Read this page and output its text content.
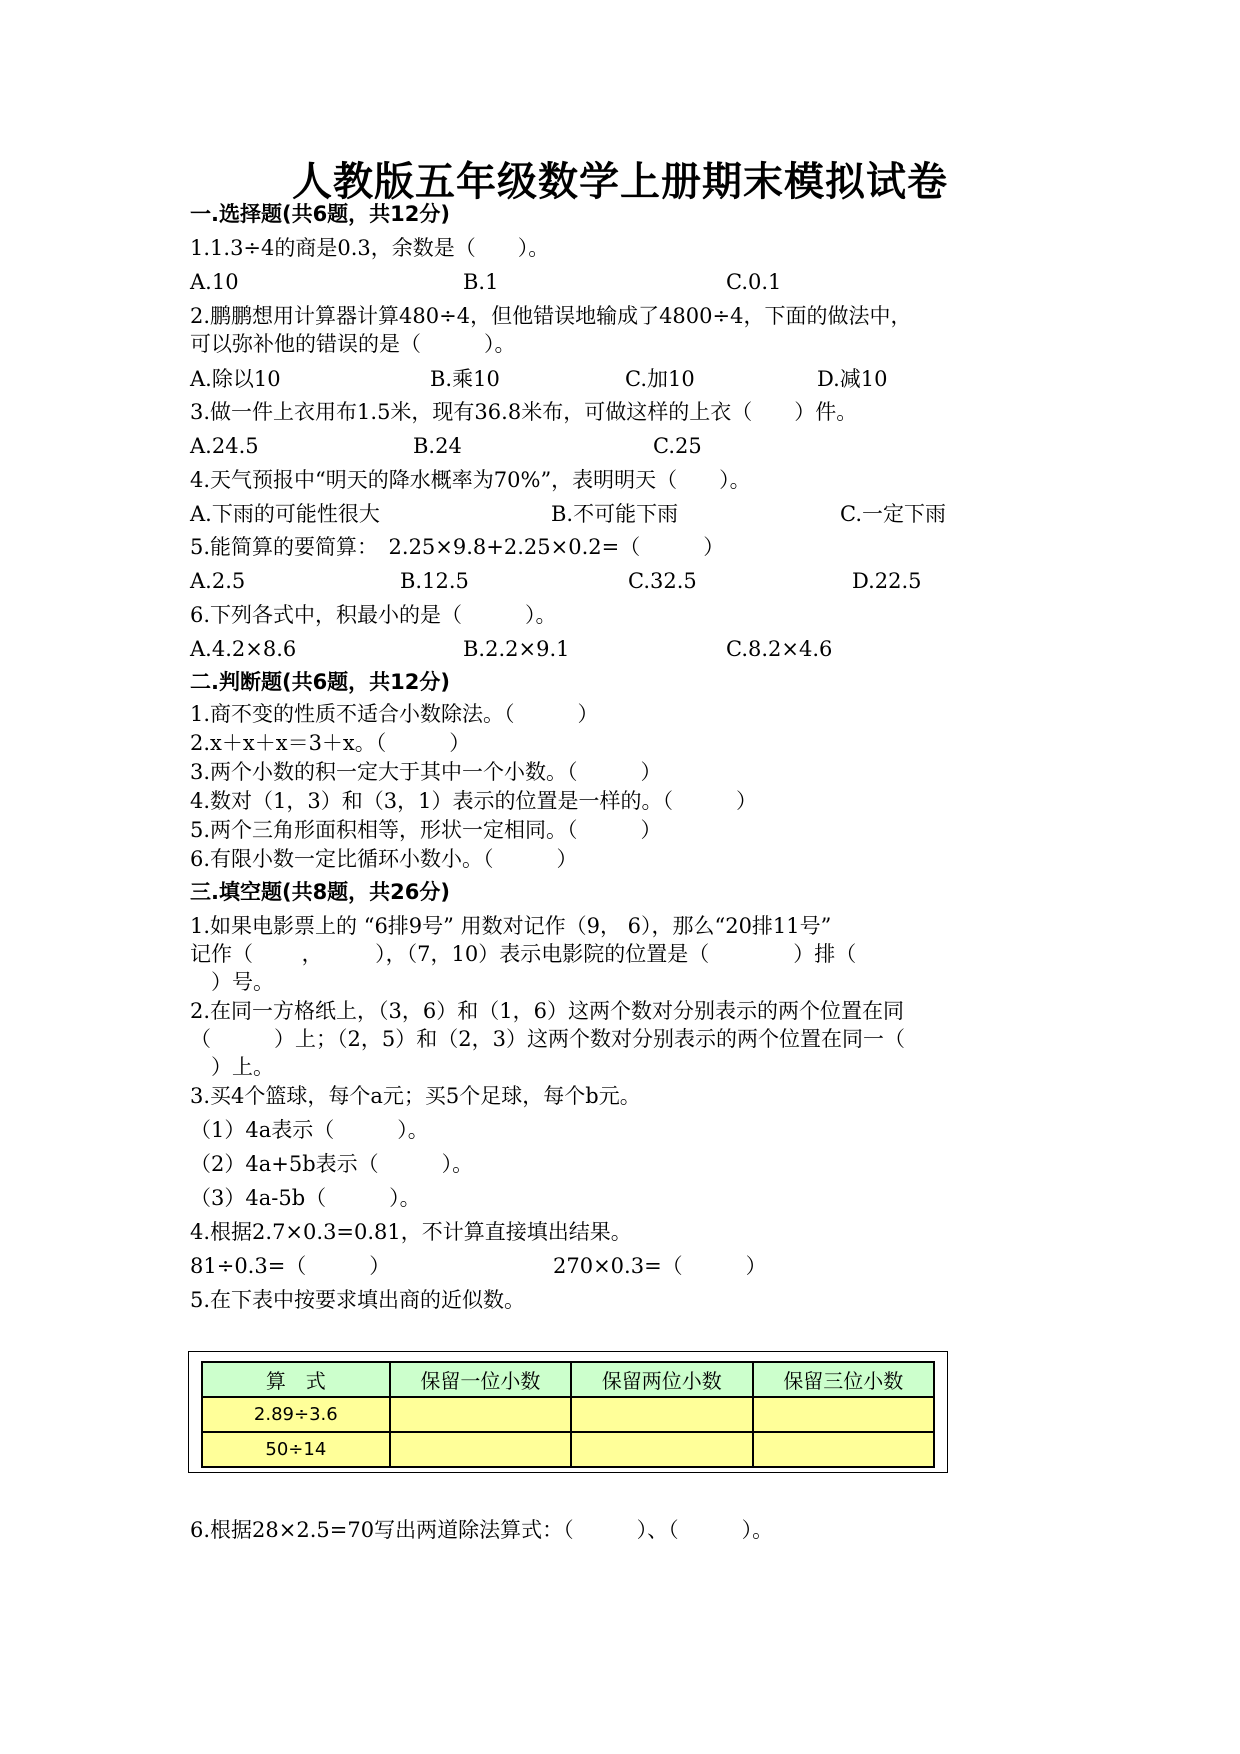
人教版五年级数学上册期末模拟试卷
一.选择题(共6题，共12分)
1.1.3÷4的商是0.3，余数是（　　）。
A.10	B.1	C.0.1
2.鹏鹏想用计算器计算480÷4，但他错误地输成了4800÷4，下面的做法中，
可以弥补他的错误的是（　　　）。
A.除以10	B.乘10	C.加10	D.减10
3.做一件上衣用布1.5米，现有36.8米布，可做这样的上衣（　　）件。
A.24.5	B.24	C.25
4.天气预报中“明天的降水概率为70%”，表明明天（　　）。
A.下雨的可能性很大	B.不可能下雨	C.一定下雨
5.能简算的要简算：　2.25×9.8+2.25×0.2=（　　　）
A.2.5	B.12.5	C.32.5	D.22.5
6.下列各式中，积最小的是（　　　）。
A.4.2×8.6	B.2.2×9.1	C.8.2×4.6
二.判断题(共6题，共12分)
1.商不变的性质不适合小数除法。（　　　）
2.x＋x＋x＝3＋x。（　　　）
3.两个小数的积一定大于其中一个小数。（　　　）
4.数对（1，3）和（3，1）表示的位置是一样的。（　　　）
5.两个三角形面积相等，形状一定相同。（　　　）
6.有限小数一定比循环小数小。（　　　）
三.填空题(共8题，共26分)
1.如果电影票上的 “6排9号” 用数对记作（9， 6），那么“20排11号”
记作（　　 ，　　　），（7，10）表示电影院的位置是（　　　　）排（
　）号。
2.在同一方格纸上，（3，6）和（1，6）这两个数对分别表示的两个位置在同
（　　　）上；（2，5）和（2，3）这两个数对分别表示的两个位置在同一（
　）上。
3.买4个篮球，每个a元；买5个足球，每个b元。
（1）4a表示（　　　）。
（2）4a+5b表示（　　　）。
（3）4a-5b（　　　）。
4.根据2.7×0.3=0.81，不计算直接填出结果。
81÷0.3=（　　　）	270×0.3=（　　　）
5.在下表中按要求填出商的近似数。
算　式	保留一位小数	保留两位小数	保留三位小数
2.89÷3.6			
50÷14			
6.根据28×2.5=70写出两道除法算式：（　　　）、（　　　）。
